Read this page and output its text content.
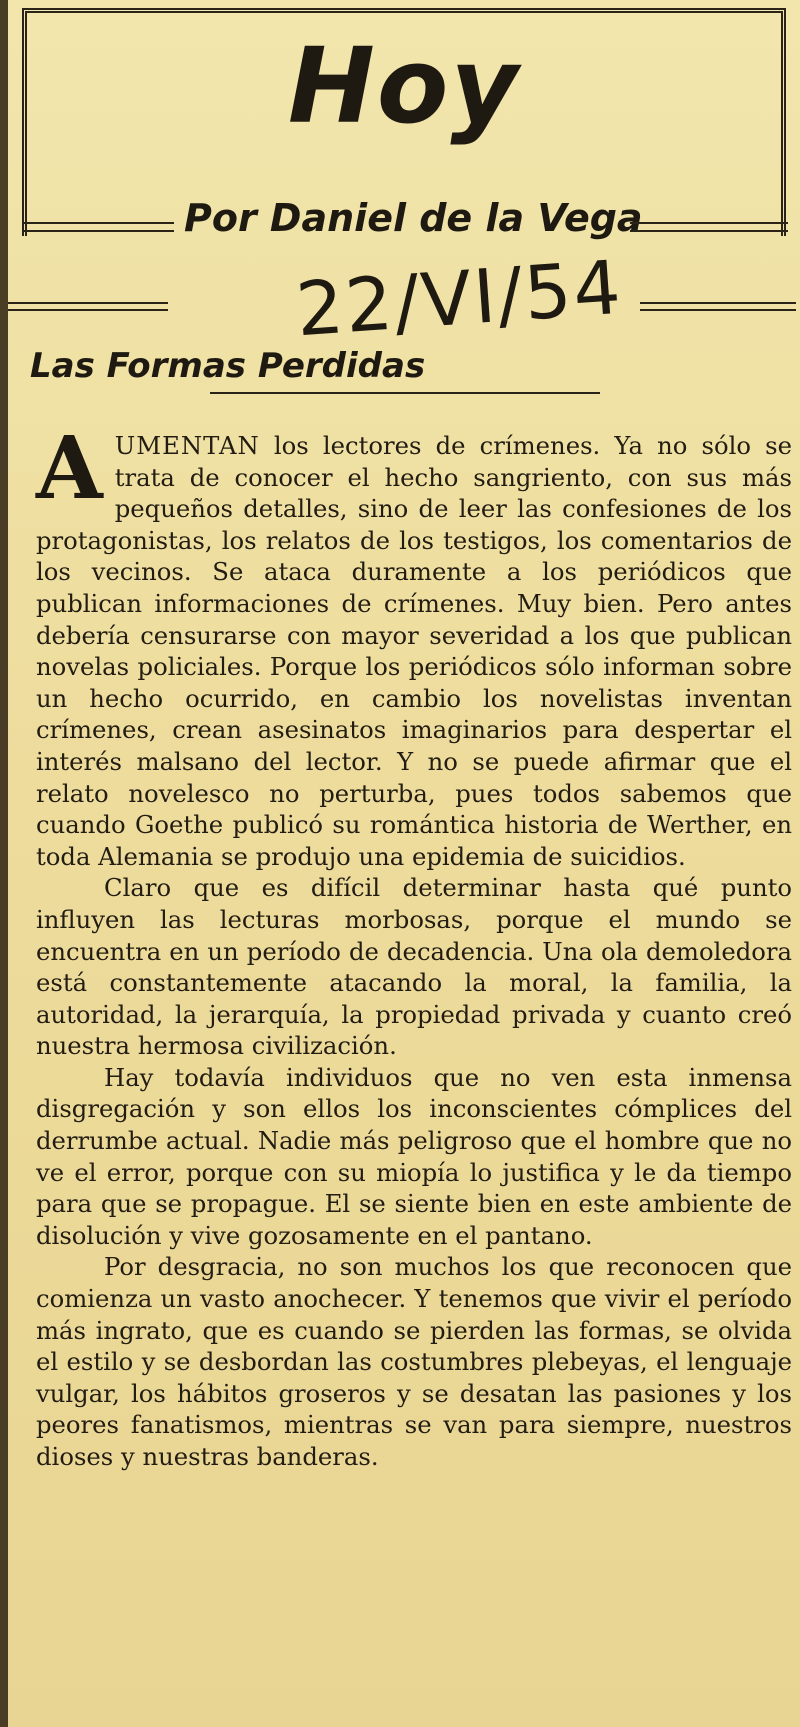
Hoy
Por Daniel de la Vega
22/VI/54
Las Formas Perdidas

AUMENTAN los lectores de crímenes. Ya no sólo se trata de conocer el hecho sangriento, con sus más pequeños detalles, sino de leer las confesiones de los protagonistas, los relatos de los testigos, los comentarios de los vecinos. Se ataca duramente a los periódicos que publican informaciones de crímenes. Muy bien. Pero antes debería censurarse con mayor severidad a los que publican novelas policiales. Porque los periódicos sólo informan sobre un hecho ocurrido, en cambio los novelistas inventan crímenes, crean asesinatos imaginarios para despertar el interés malsano del lector. Y no se puede afirmar que el relato novelesco no perturba, pues todos sabemos que cuando Goethe publicó su romántica historia de Werther, en toda Alemania se produjo una epidemia de suicidios.

Claro que es difícil determinar hasta qué punto influyen las lecturas morbosas, porque el mundo se encuentra en un período de decadencia. Una ola demoledora está constantemente atacando la moral, la familia, la autoridad, la jerarquía, la propiedad privada y cuanto creó nuestra hermosa civilización.

Hay todavía individuos que no ven esta inmensa disgregación y son ellos los inconscientes cómplices del derrumbe actual. Nadie más peligroso que el hombre que no ve el error, porque con su miopía lo justifica y le da tiempo para que se propague. El se siente bien en este ambiente de disolución y vive gozosamente en el pantano.

Por desgracia, no son muchos los que reconocen que comienza un vasto anochecer. Y tenemos que vivir el período más ingrato, que es cuando se pierden las formas, se olvida el estilo y se desbordan las costumbres plebeyas, el lenguaje vulgar, los hábitos groseros y se desatan las pasiones y los peores fanatismos, mientras se van para siempre, nuestros dioses y nuestras banderas.
